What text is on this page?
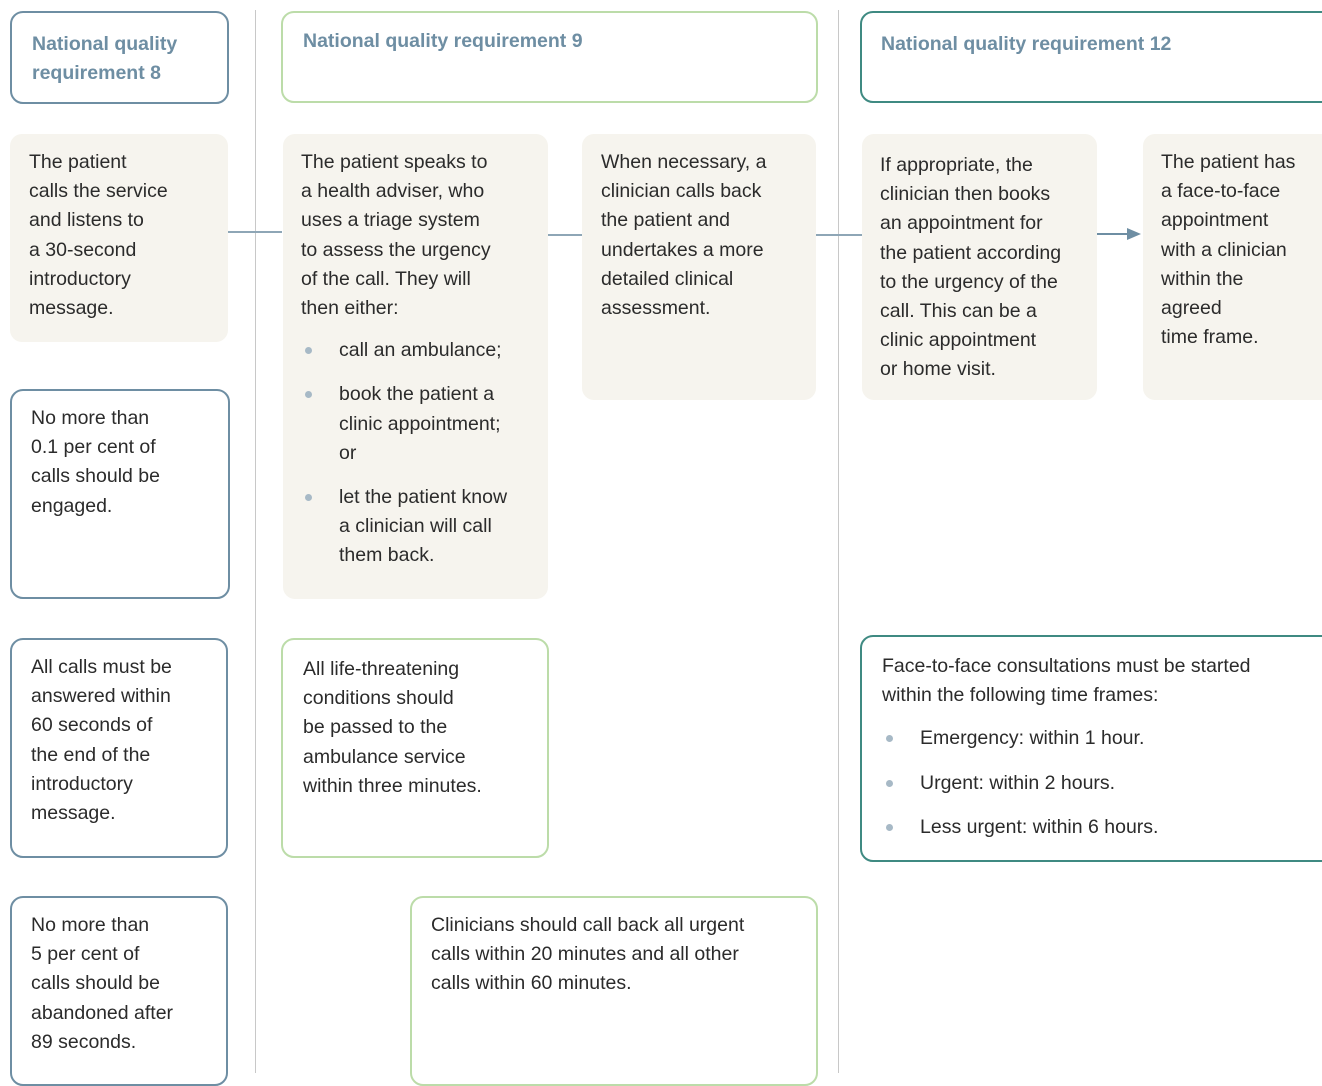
National quality
requirement 8
National quality requirement 9	National quality requirement 12
The patient
calls the service
and listens to
a 30-second
introductory
message.
The patient speaks to
a health adviser, who
uses a triage system
to assess the urgency
of the call. They will
then either:
call an ambulance;
book the patient a
clinic appointment;
or
let the patient know
a clinician will call
them back.
When necessary, a
clinician calls back
the patient and
undertakes a more
detailed clinical
assessment.
If appropriate, the
clinician then books
an appointment for
the patient according
to the urgency of the
call. This can be a
clinic appointment
or home visit.
The patient has
a face-to-face
appointment
with a clinician
within the
agreed
time frame.
No more than
0.1 per cent of
calls should be
engaged.
All calls must be
answered within
60 seconds of
the end of the
introductory
message.
No more than
5 per cent of
calls should be
abandoned after
89 seconds.
All life-threatening
conditions should
be passed to the
ambulance service
within three minutes.
Clinicians should call back all urgent
calls within 20 minutes and all other
calls within 60 minutes.
Face-to-face consultations must be started
within the following time frames:
Emergency: within 1 hour.
Urgent: within 2 hours.
Less urgent: within 6 hours.
